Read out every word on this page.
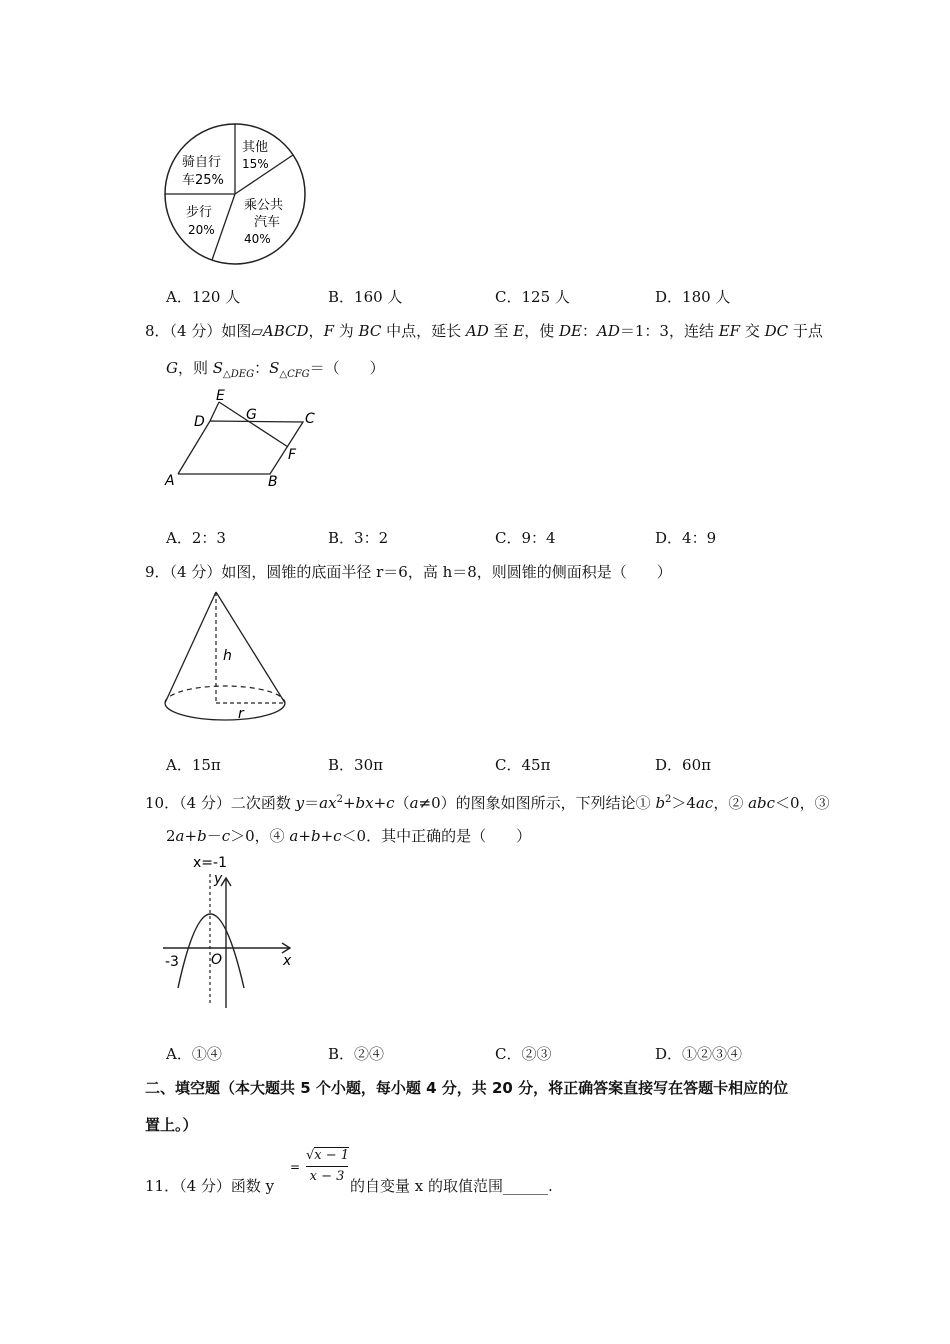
其他
15%
骑自行
车25%
乘公共
汽车
40%
步行
20%
A．120 人	B．160 人	C．125 人	D．180 人
8．（4 分）如图▱ABCD，F 为 BC 中点，延长 AD 至 E，使 DE：AD＝1：3，连结 EF 交 DC 于点
G，则 $S_{\triangle DEG}$：$S_{\triangle CFG}=$（　　）
E
D	G	C
F
A	B
A．2：3	B．3：2	C．9：4	D．4：9
9．（4 分）如图，圆锥的底面半径 r＝6，高 h＝8，则圆锥的侧面积是（　　）
h
r
A．15π	B．30π	C．45π	D．60π
10．（4 分）二次函数 $y=ax^2+bx+c(a\ne 0)$的图象如图所示，下列结论① $b^2>4ac$，② abc＜0，③
2a+b－c＞0，④ a+b+c＜0．其中正确的是（　　）
x=-1
y
x
O
-3
A．①④	B．②④	C．②③	D．①②③④
二、填空题（本大题共 5 个小题，每小题 4 分，共 20 分，将正确答案直接写在答题卡相应的位
置上。）
11．（4 分）函数 y
=
√x − 1
x − 3
的自变量 x 的取值范围______.
